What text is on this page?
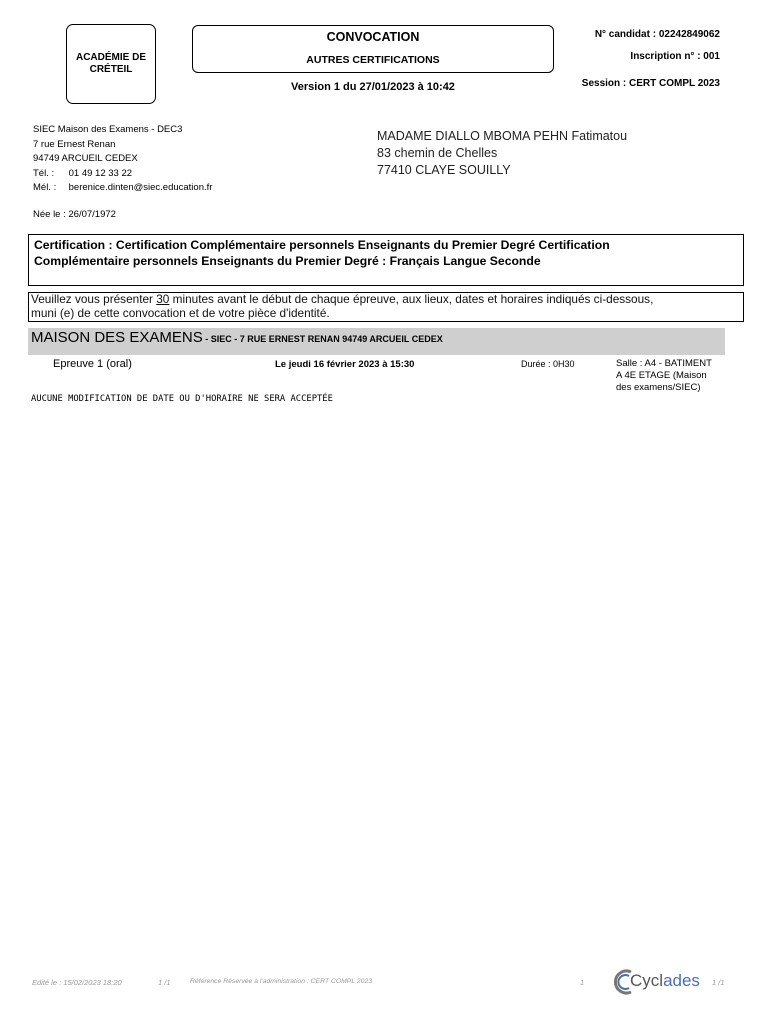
ACADÉMIE DE
CRÉTEIL
CONVOCATION
AUTRES CERTIFICATIONS
Version 1 du 27/01/2023 à 10:42
N° candidat : 02242849062
Inscription n° : 001
Session : CERT COMPL 2023
SIEC Maison des Examens - DEC3
7 rue Ernest Renan
94749 ARCUEIL CEDEX
Tél. : 01 49 12 33 22
Mél. : berenice.dinten@siec.education.fr
MADAME DIALLO MBOMA PEHN Fatimatou
83 chemin de Chelles
77410 CLAYE SOUILLY
Née le : 26/07/1972
Certification : Certification Complémentaire personnels Enseignants du Premier Degré Certification
Complémentaire personnels Enseignants du Premier Degré : Français Langue Seconde
Veuillez vous présenter 30 minutes avant le début de chaque épreuve, aux lieux, dates et horaires indiqués ci-dessous,
muni (e) de cette convocation et de votre pièce d'identité.
MAISON DES EXAMENS - SIEC - 7 RUE ERNEST RENAN 94749 ARCUEIL CEDEX
Epreuve 1 (oral)	Le jeudi 16 février 2023 à 15:30	Durée : 0H30	Salle : A4 - BATIMENT
A 4E ETAGE (Maison
des examens/SIEC)
AUCUNE MODIFICATION DE DATE OU D'HORAIRE NE SERA ACCEPTÉE
Edité le : 15/02/2023 18:20	1 /1	Référence Réservée à l'administration : CERT COMPL 2023	1	Cyclades 1 /1
